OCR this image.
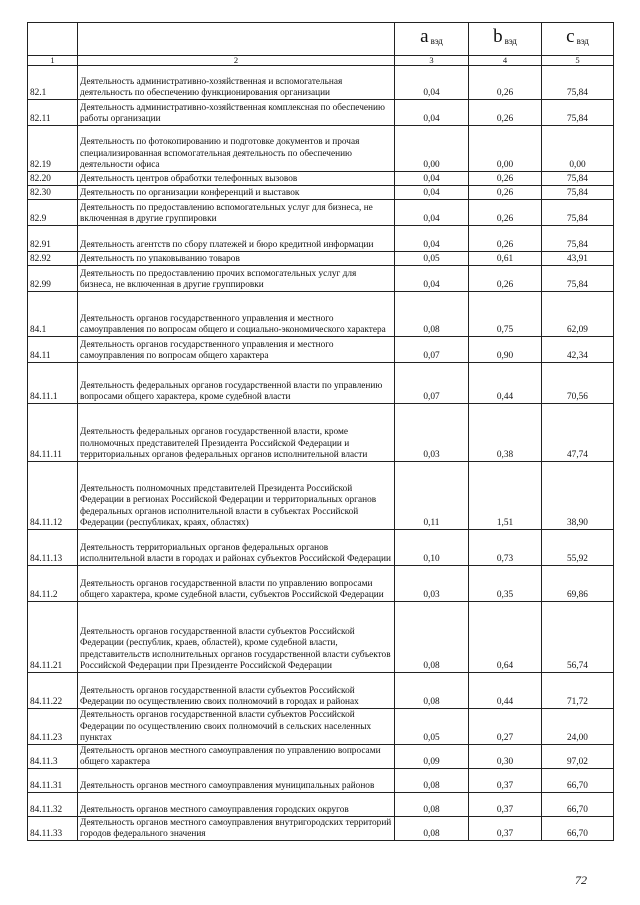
		a $_{вэд}$	b $_{вэд}$	c $_{вэд}$
1	2	3	4	5
82.1	Деятельность административно-хозяйственная и вспомогательная деятельность по обеспечению функционирования организации	0,04	0,26	75,84
82.11	Деятельность административно-хозяйственная комплексная по обеспечению работы организации	0,04	0,26	75,84
82.19	Деятельность по фотокопированию и подготовке документов и прочая специализированная вспомогательная деятельность по обеспечению деятельности офиса	0,00	0,00	0,00
82.20	Деятельность центров обработки телефонных вызовов	0,04	0,26	75,84
82.30	Деятельность по организации конференций и выставок	0,04	0,26	75,84
82.9	Деятельность по предоставлению вспомогательных услуг для бизнеса, не включенная в другие группировки	0,04	0,26	75,84
82.91	Деятельность агентств по сбору платежей и бюро кредитной информации	0,04	0,26	75,84
82.92	Деятельность по упаковыванию товаров	0,05	0,61	43,91
82.99	Деятельность по предоставлению прочих вспомогательных услуг для бизнеса, не включенная в другие группировки	0,04	0,26	75,84
84.1	Деятельность органов государственного управления и местного самоуправления по вопросам общего и социально-экономического характера	0,08	0,75	62,09
84.11	Деятельность органов государственного управления и местного самоуправления по вопросам общего характера	0,07	0,90	42,34
84.11.1	Деятельность федеральных органов государственной власти по управлению вопросами общего характера, кроме судебной власти	0,07	0,44	70,56
84.11.11	Деятельность федеральных органов государственной власти, кроме полномочных представителей Президента Российской Федерации и территориальных органов федеральных органов исполнительной власти	0,03	0,38	47,74
84.11.12	Деятельность полномочных представителей Президента Российской Федерации в регионах Российской Федерации и территориальных органов федеральных органов исполнительной власти в субъектах Российской Федерации (республиках, краях, областях)	0,11	1,51	38,90
84.11.13	Деятельность территориальных органов федеральных органов исполнительной власти в городах и районах субъектов Российской Федерации	0,10	0,73	55,92
84.11.2	Деятельность органов государственной власти по управлению вопросами общего характера, кроме судебной власти, субъектов Российской Федерации	0,03	0,35	69,86
84.11.21	Деятельность органов государственной власти субъектов Российской Федерации (республик, краев, областей), кроме судебной власти, представительств исполнительных органов государственной власти субъектов Российской Федерации при Президенте Российской Федерации	0,08	0,64	56,74
84.11.22	Деятельность органов государственной власти субъектов Российской Федерации по осуществлению своих полномочий в городах и районах	0,08	0,44	71,72
84.11.23	Деятельность органов государственной власти субъектов Российской Федерации по осуществлению своих полномочий в сельских населенных пунктах	0,05	0,27	24,00
84.11.3	Деятельность органов местного самоуправления по управлению вопросами общего характера	0,09	0,30	97,02
84.11.31	Деятельность органов местного самоуправления муниципальных районов	0,08	0,37	66,70
84.11.32	Деятельность органов местного самоуправления городских округов	0,08	0,37	66,70
84.11.33	Деятельность органов местного самоуправления внутригородских территорий городов федерального значения	0,08	0,37	66,70
72
